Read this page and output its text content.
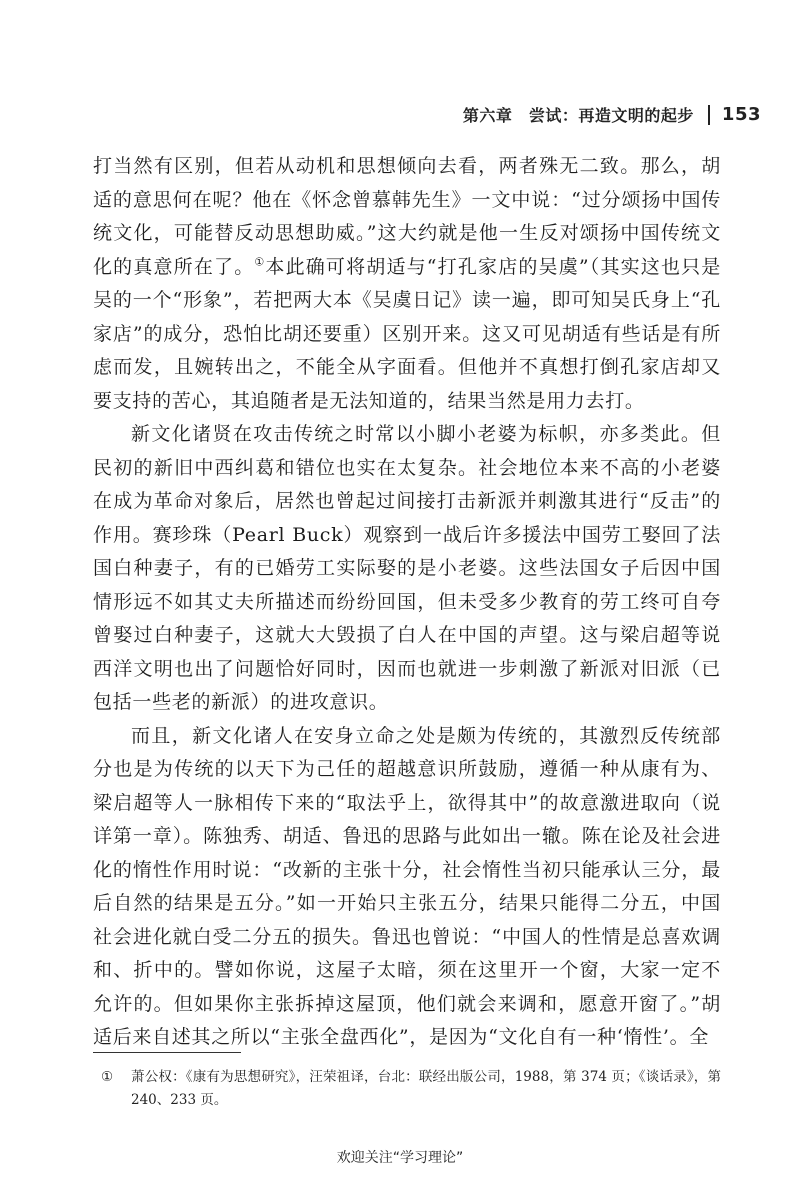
第六章　尝试：再造文明的起步 153

打当然有区别，但若从动机和思想倾向去看，两者殊无二致。那么，胡适的意思何在呢？他在《怀念曾慕韩先生》一文中说：“过分颂扬中国传统文化，可能替反动思想助威。”这大约就是他一生反对颂扬中国传统文化的真意所在了。①本此确可将胡适与“打孔家店的吴虞”（其实这也只是吴的一个“形象”，若把两大本《吴虞日记》读一遍，即可知吴氏身上“孔家店”的成分，恐怕比胡还要重）区别开来。这又可见胡适有些话是有所虑而发，且婉转出之，不能全从字面看。但他并不真想打倒孔家店却又要支持的苦心，其追随者是无法知道的，结果当然是用力去打。

新文化诸贤在攻击传统之时常以小脚小老婆为标帜，亦多类此。但民初的新旧中西纠葛和错位也实在太复杂。社会地位本来不高的小老婆在成为革命对象后，居然也曾起过间接打击新派并刺激其进行“反击”的作用。赛珍珠（Pearl Buck）观察到一战后许多援法中国劳工娶回了法国白种妻子，有的已婚劳工实际娶的是小老婆。这些法国女子后因中国情形远不如其丈夫所描述而纷纷回国，但未受多少教育的劳工终可自夸曾娶过白种妻子，这就大大毁损了白人在中国的声望。这与梁启超等说西洋文明也出了问题恰好同时，因而也就进一步刺激了新派对旧派（已包括一些老的新派）的进攻意识。

而且，新文化诸人在安身立命之处是颇为传统的，其激烈反传统部分也是为传统的以天下为己任的超越意识所鼓励，遵循一种从康有为、梁启超等人一脉相传下来的“取法乎上，欲得其中”的故意激进取向（说详第一章）。陈独秀、胡适、鲁迅的思路与此如出一辙。陈在论及社会进化的惰性作用时说：“改新的主张十分，社会惰性当初只能承认三分，最后自然的结果是五分。”如一开始只主张五分，结果只能得二分五，中国社会进化就白受二分五的损失。鲁迅也曾说：“中国人的性情是总喜欢调和、折中的。譬如你说，这屋子太暗，须在这里开一个窗，大家一定不允许的。但如果你主张拆掉这屋顶，他们就会来调和，愿意开窗了。”胡适后来自述其之所以“主张全盘西化”，是因为“文化自有一种‘惰性’。全

①	萧公权：《康有为思想研究》，汪荣祖译，台北：联经出版公司，1988，第 374 页；《谈话录》，第 240、233 页。
欢迎关注“学习理论”
